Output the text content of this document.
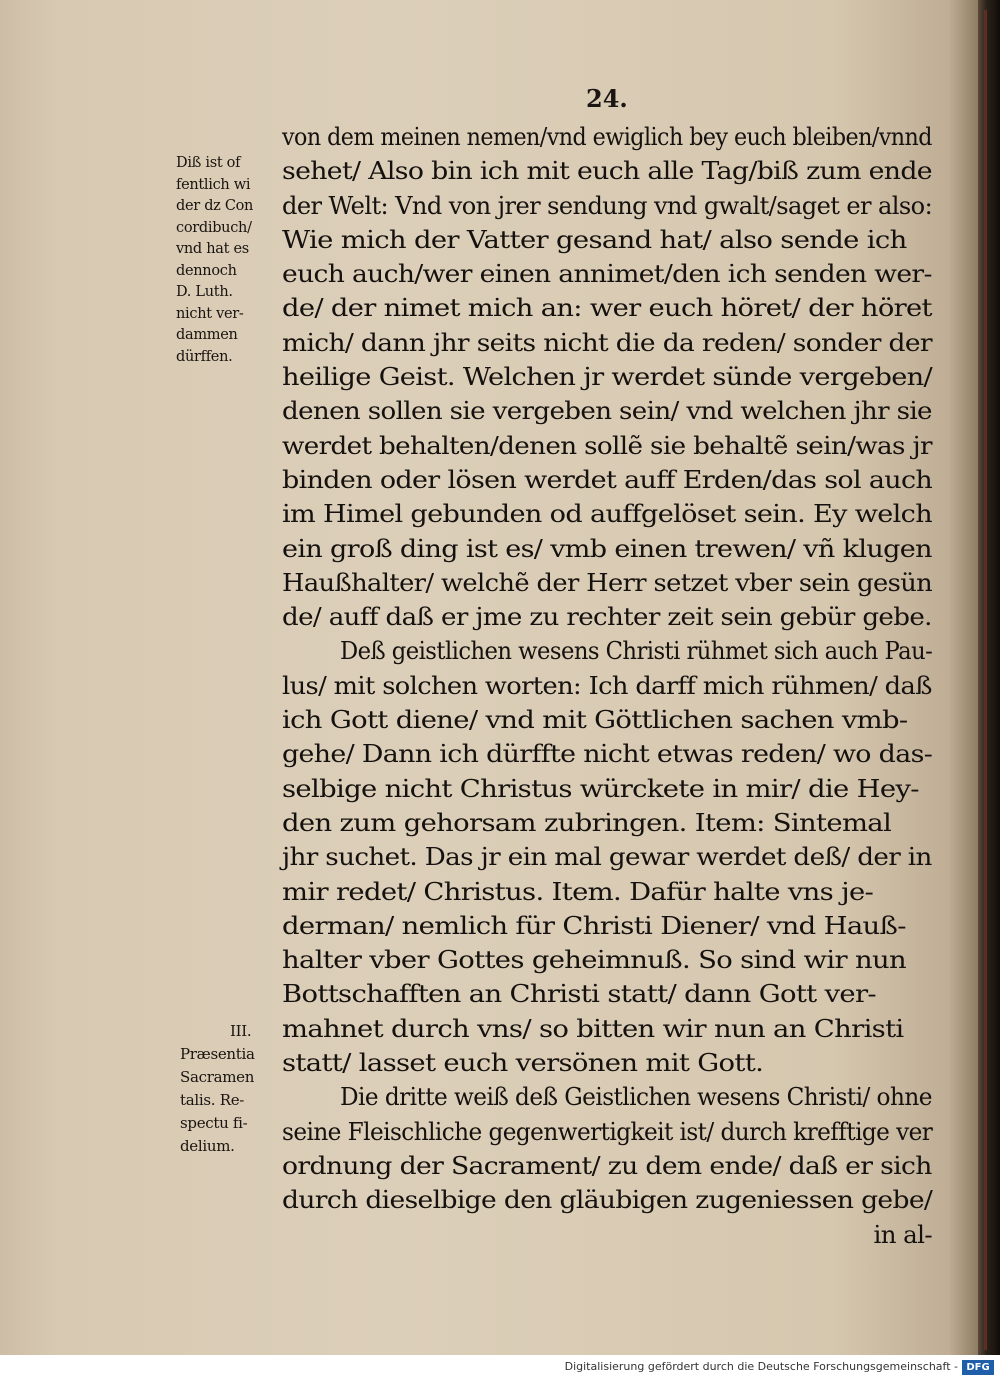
24.
Diß ist of
fentlich wi
der dz Con
cordibuch/
vnd hat es
dennoch
D. Luth.
nicht ver-
dammen
dürffen.
III.
Præsentia
Sacramen
talis. Re-
spectu fi-
delium.
von dem meinen nemen/vnd ewiglich bey euch bleiben/vnnd
sehet/ Also bin ich mit euch alle Tag/biß zum ende
der Welt: Vnd von jrer sendung vnd gwalt/saget er also:
Wie mich der Vatter gesand hat/ also sende ich
euch auch/wer einen annimet/den ich senden wer-
de/ der nimet mich an: wer euch höret/ der höret
mich/ dann jhr seits nicht die da reden/ sonder der
heilige Geist. Welchen jr werdet sünde vergeben/
denen sollen sie vergeben sein/ vnd welchen jhr sie
werdet behalten/denen sollẽ sie behaltẽ sein/was jr
binden oder lösen werdet auff Erden/das sol auch
im Himel gebunden od auffgelöset sein. Ey welch
ein groß ding ist es/ vmb einen trewen/ vñ klugen
Haußhalter/ welchẽ der Herr setzet vber sein gesün
de/ auff daß er jme zu rechter zeit sein gebür gebe.
Deß geistlichen wesens Christi rühmet sich auch Pau-
lus/ mit solchen worten: Ich darff mich rühmen/ daß
ich Gott diene/ vnd mit Göttlichen sachen vmb-
gehe/ Dann ich dürffte nicht etwas reden/ wo das-
selbige nicht Christus würckete in mir/ die Hey-
den zum gehorsam zubringen. Item: Sintemal
jhr suchet. Das jr ein mal gewar werdet deß/ der in
mir redet/ Christus. Item. Dafür halte vns je-
derman/ nemlich für Christi Diener/ vnd Hauß-
halter vber Gottes geheimnuß. So sind wir nun
Bottschafften an Christi statt/ dann Gott ver-
mahnet durch vns/ so bitten wir nun an Christi
statt/ lasset euch versönen mit Gott.
Die dritte weiß deß Geistlichen wesens Christi/ ohne
seine Fleischliche gegenwertigkeit ist/ durch krefftige ver
ordnung der Sacrament/ zu dem ende/ daß er sich
durch dieselbige den gläubigen zugeniessen gebe/
in al-
Digitalisierung gefördert durch die Deutsche Forschungsgemeinschaft - DFG
